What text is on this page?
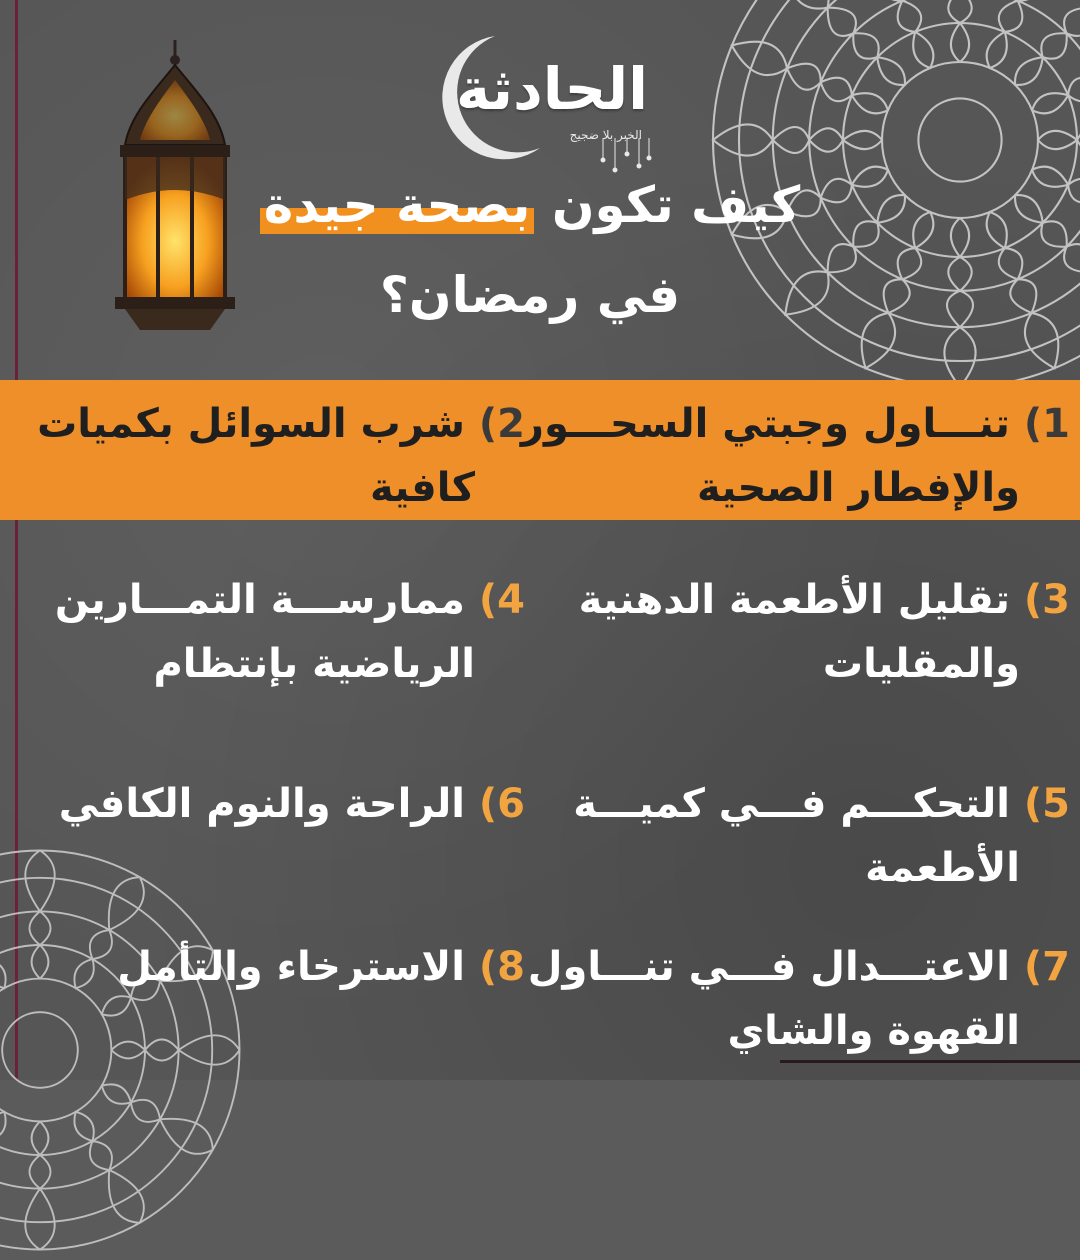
الحادثة
الخبر بلا ضجيج
كيف تكون بصحة جيدة
في رمضان؟
1) تنـــاول وجبتي السحـــور
والإفطار الصحية
2) شرب السوائل بكميات
كافية
3) تقليل الأطعمة الدهنية
والمقليات
4) ممارســـة التمـــارين
الرياضية بإنتظام
5) التحكـــم فـــي كميـــة
الأطعمة
6) الراحة والنوم الكافي
7) الاعتـــدال فـــي تنـــاول
القهوة والشاي
8) الاسترخاء والتأمل
